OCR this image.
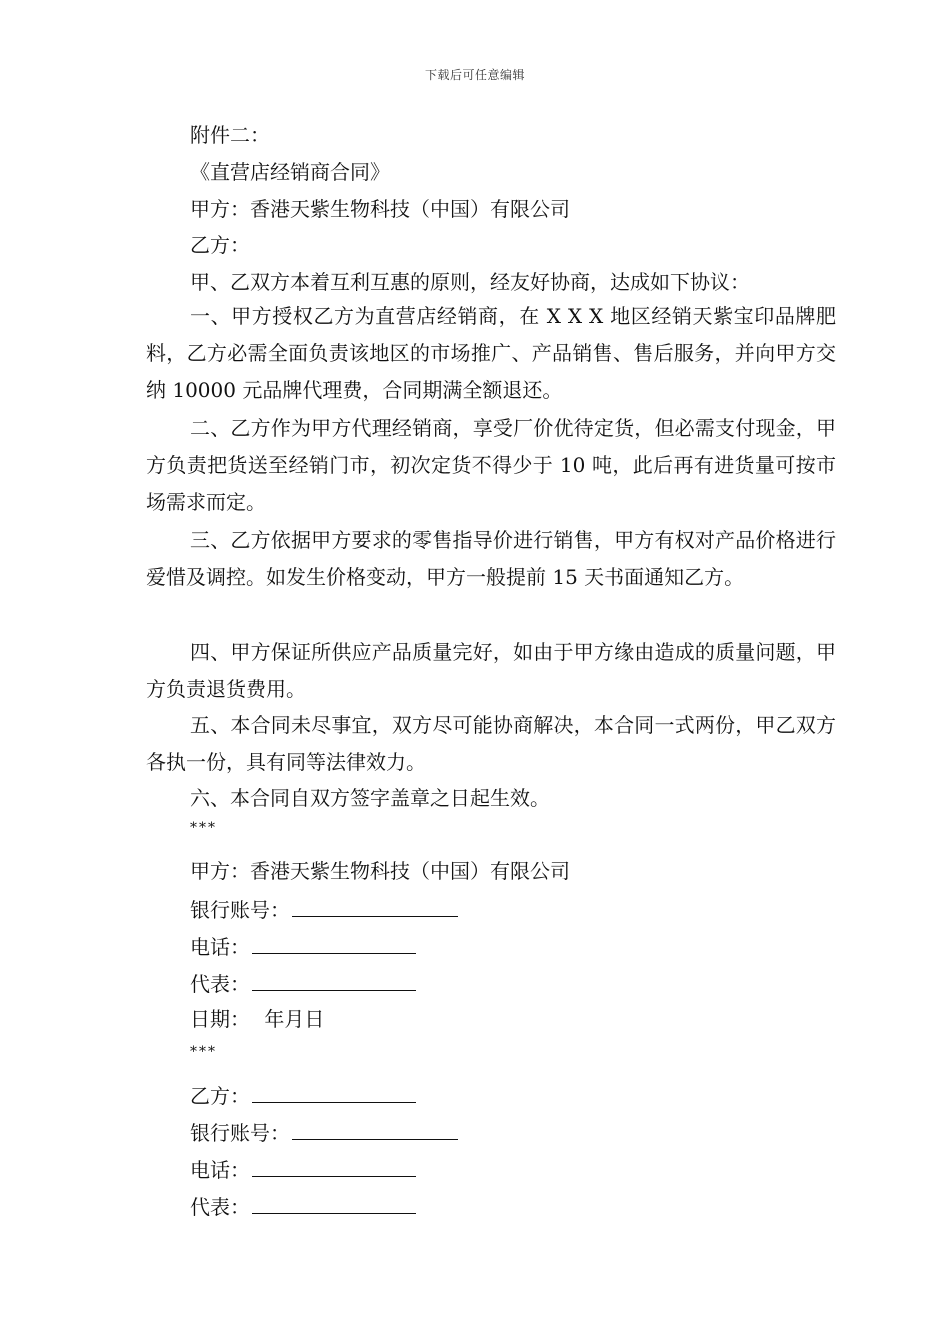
下载后可任意编辑
附件二：
《直营店经销商合同》
甲方：香港天紫生物科技（中国）有限公司
乙方：
甲、乙双方本着互利互惠的原则，经友好协商，达成如下协议：
一、甲方授权乙方为直营店经销商，在 X X X 地区经销天紫宝印品牌肥料，乙方必需全面负责该地区的市场推广、产品销售、售后服务，并向甲方交纳 10000 元品牌代理费，合同期满全额退还。
二、乙方作为甲方代理经销商，享受厂价优待定货，但必需支付现金，甲方负责把货送至经销门市，初次定货不得少于 10 吨，此后再有进货量可按市场需求而定。
三、乙方依据甲方要求的零售指导价进行销售，甲方有权对产品价格进行爱惜及调控。如发生价格变动，甲方一般提前 15 天书面通知乙方。
四、甲方保证所供应产品质量完好，如由于甲方缘由造成的质量问题，甲方负责退货费用。
五、本合同未尽事宜，双方尽可能协商解决，本合同一式两份，甲乙双方各执一份，具有同等法律效力。
六、本合同自双方签字盖章之日起生效。
***
甲方：香港天紫生物科技（中国）有限公司
银行账号：
电话：
代表：
日期： 年月日
***
乙方：
银行账号：
电话：
代表：
